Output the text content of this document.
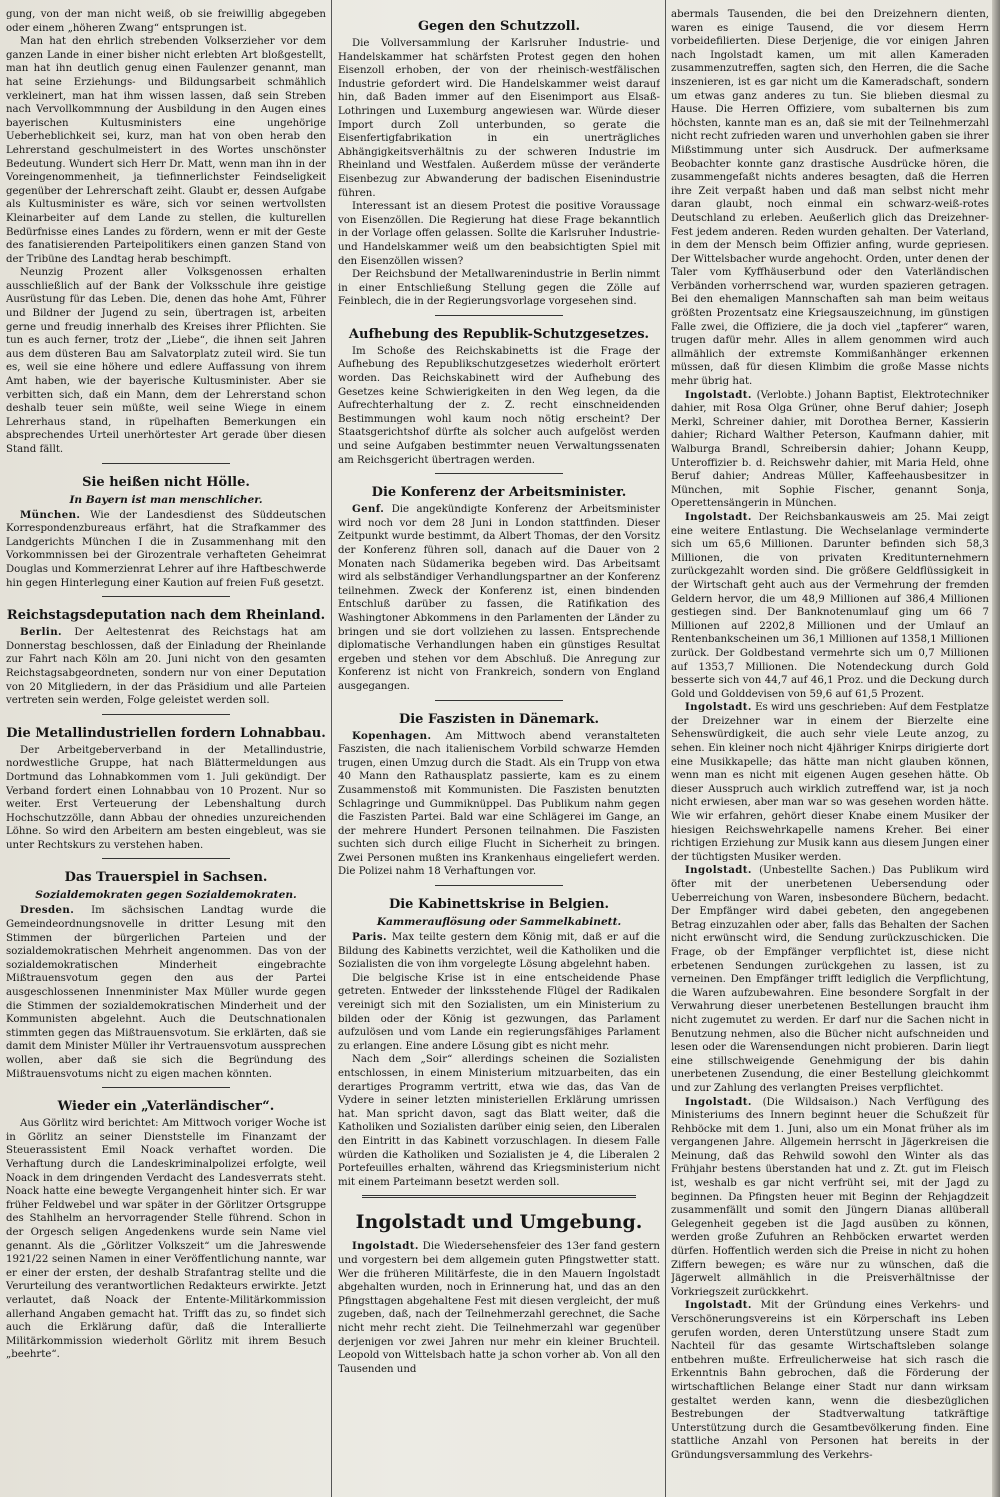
gung, von der man nicht weiß, ob sie freiwillig abgegeben oder einem „höheren Zwang“ entsprungen ist.

Man hat den ehrlich strebenden Volkserzieher vor dem ganzen Lande in einer bisher nicht erlebten Art bloßgestellt, man hat ihn deutlich genug einen Faulenzer genannt, man hat seine Erziehungs- und Bildungsarbeit schmählich verkleinert, man hat ihm wissen lassen, daß sein Streben nach Vervollkommnung der Ausbildung in den Augen eines bayerischen Kultusministers eine ungehörige Ueberheblichkeit sei, kurz, man hat von oben herab den Lehrerstand geschulmeistert in des Wortes unschönster Bedeutung. Wundert sich Herr Dr. Matt, wenn man ihn in der Voreingenommenheit, ja tiefinnerlichster Feindseligkeit gegenüber der Lehrerschaft zeiht. Glaubt er, dessen Aufgabe als Kultusminister es wäre, sich vor seinen wertvollsten Kleinarbeiter auf dem Lande zu stellen, die kulturellen Bedürfnisse eines Landes zu fördern, wenn er mit der Geste des fanatisierenden Parteipolitikers einen ganzen Stand von der Tribüne des Landtag herab beschimpft.

Neunzig Prozent aller Volksgenossen erhalten ausschließlich auf der Bank der Volksschule ihre geistige Ausrüstung für das Leben. Die, denen das hohe Amt, Führer und Bildner der Jugend zu sein, übertragen ist, arbeiten gerne und freudig innerhalb des Kreises ihrer Pflichten. Sie tun es auch ferner, trotz der „Liebe“, die ihnen seit Jahren aus dem düsteren Bau am Salvatorplatz zuteil wird. Sie tun es, weil sie eine höhere und edlere Auffassung von ihrem Amt haben, wie der bayerische Kultusminister. Aber sie verbitten sich, daß ein Mann, dem der Lehrerstand schon deshalb teuer sein müßte, weil seine Wiege in einem Lehrerhaus stand, in rüpelhaften Bemerkungen ein absprechendes Urteil unerhörtester Art gerade über diesen Stand fällt.

Sie heißen nicht Hölle.
In Bayern ist man menschlicher.

München. Wie der Landesdienst des Süddeutschen Korrespondenzbureaus erfährt, hat die Strafkammer des Landgerichts München I die in Zusammenhang mit den Vorkommnissen bei der Girozentrale verhafteten Geheimrat Douglas und Kommerzienrat Lehrer auf ihre Haftbeschwerde hin gegen Hinterlegung einer Kaution auf freien Fuß gesetzt.

Reichstagsdeputation nach dem Rheinland.

Berlin. Der Aeltestenrat des Reichstags hat am Donnerstag beschlossen, daß der Einladung der Rheinlande zur Fahrt nach Köln am 20. Juni nicht von den gesamten Reichstagsabgeordneten, sondern nur von einer Deputation von 20 Mitgliedern, in der das Präsidium und alle Parteien vertreten sein werden, Folge geleistet werden soll.

Die Metallindustriellen fordern Lohnabbau.

Der Arbeitgeberverband in der Metallindustrie, nordwestliche Gruppe, hat nach Blättermeldungen aus Dortmund das Lohnabkommen vom 1. Juli gekündigt. Der Verband fordert einen Lohnabbau von 10 Prozent. Nur so weiter. Erst Verteuerung der Lebenshaltung durch Hochschutzzölle, dann Abbau der ohnedies unzureichenden Löhne. So wird den Arbeitern am besten eingebleut, was sie unter Rechtskurs zu verstehen haben.

Das Trauerspiel in Sachsen.
Sozialdemokraten gegen Sozialdemokraten.

Dresden. Im sächsischen Landtag wurde die Gemeindeordnungsnovelle in dritter Lesung mit den Stimmen der bürgerlichen Parteien und der sozialdemokratischen Mehrheit angenommen. Das von der sozialdemokratischen Minderheit eingebrachte Mißtrauensvotum gegen den aus der Partei ausgeschlossenen Innenminister Max Müller wurde gegen die Stimmen der sozialdemokratischen Minderheit und der Kommunisten abgelehnt. Auch die Deutschnationalen stimmten gegen das Mißtrauensvotum. Sie erklärten, daß sie damit dem Minister Müller ihr Vertrauensvotum aussprechen wollen, aber daß sie sich die Begründung des Mißtrauensvotums nicht zu eigen machen könnten.

Wieder ein „Vaterländischer“.

Aus Görlitz wird berichtet: Am Mittwoch voriger Woche ist in Görlitz an seiner Dienststelle im Finanzamt der Steuerassistent Emil Noack verhaftet worden. Die Verhaftung durch die Landeskriminalpolizei erfolgte, weil Noack in dem dringenden Verdacht des Landesverrats steht. Noack hatte eine bewegte Vergangenheit hinter sich. Er war früher Feldwebel und war später in der Görlitzer Ortsgruppe des Stahlhelm an hervorragender Stelle führend. Schon in der Orgesch seligen Angedenkens wurde sein Name viel genannt. Als die „Görlitzer Volkszeit“ um die Jahreswende 1921/22 seinen Namen in einer Veröffentlichung nannte, war er einer der ersten, der deshalb Strafantrag stellte und die Verurteilung des verantwortlichen Redakteurs erwirkte. Jetzt verlautet, daß Noack der Entente-Militärkommission allerhand Angaben gemacht hat. Trifft das zu, so findet sich auch die Erklärung dafür, daß die Interallierte Militärkommission wiederholt Görlitz mit ihrem Besuch „beehrte“.

Gegen den Schutzzoll.

Die Vollversammlung der Karlsruher Industrie- und Handelskammer hat schärfsten Protest gegen den hohen Eisenzoll erhoben, der von der rheinisch-westfälischen Industrie gefordert wird. Die Handelskammer weist darauf hin, daß Baden immer auf den Eisenimport aus Elsaß-Lothringen und Luxemburg angewiesen war. Würde dieser Import durch Zoll unterbunden, so gerate die Eisenfertigfabrikation in ein unerträgliches Abhängigkeitsverhältnis zu der schweren Industrie im Rheinland und Westfalen. Außerdem müsse der veränderte Eisenbezug zur Abwanderung der badischen Eisenindustrie führen.

Interessant ist an diesem Protest die positive Voraussage von Eisenzöllen. Die Regierung hat diese Frage bekanntlich in der Vorlage offen gelassen. Sollte die Karlsruher Industrie- und Handelskammer weiß um den beabsichtigten Spiel mit den Eisenzöllen wissen?

Der Reichsbund der Metallwarenindustrie in Berlin nimmt in einer Entschließung Stellung gegen die Zölle auf Feinblech, die in der Regierungsvorlage vorgesehen sind.

Aufhebung des Republik-Schutzgesetzes.

Im Schoße des Reichskabinetts ist die Frage der Aufhebung des Republikschutzgesetzes wiederholt erörtert worden. Das Reichskabinett wird der Aufhebung des Gesetzes keine Schwierigkeiten in den Weg legen, da die Aufrechterhaltung der z. Z. recht einschneidenden Bestimmungen wohl kaum noch nötig erscheint? Der Staatsgerichtshof dürfte als solcher auch aufgelöst werden und seine Aufgaben bestimmter neuen Verwaltungssenaten am Reichsgericht übertragen werden.

Die Konferenz der Arbeitsminister.

Genf. Die angekündigte Konferenz der Arbeitsminister wird noch vor dem 28 Juni in London stattfinden. Dieser Zeitpunkt wurde bestimmt, da Albert Thomas, der den Vorsitz der Konferenz führen soll, danach auf die Dauer von 2 Monaten nach Südamerika begeben wird. Das Arbeitsamt wird als selbständiger Verhandlungspartner an der Konferenz teilnehmen. Zweck der Konferenz ist, einen bindenden Entschluß darüber zu fassen, die Ratifikation des Washingtoner Abkommens in den Parlamenten der Länder zu bringen und sie dort vollziehen zu lassen. Entsprechende diplomatische Verhandlungen haben ein günstiges Resultat ergeben und stehen vor dem Abschluß. Die Anregung zur Konferenz ist nicht von Frankreich, sondern von England ausgegangen.

Die Faszisten in Dänemark.

Kopenhagen. Am Mittwoch abend veranstalteten Faszisten, die nach italienischem Vorbild schwarze Hemden trugen, einen Umzug durch die Stadt. Als ein Trupp von etwa 40 Mann den Rathausplatz passierte, kam es zu einem Zusammenstoß mit Kommunisten. Die Faszisten benutzten Schlagringe und Gummiknüppel. Das Publikum nahm gegen die Faszisten Partei. Bald war eine Schlägerei im Gange, an der mehrere Hundert Personen teilnahmen. Die Faszisten suchten sich durch eilige Flucht in Sicherheit zu bringen. Zwei Personen mußten ins Krankenhaus eingeliefert werden. Die Polizei nahm 18 Verhaftungen vor.

Die Kabinettskrise in Belgien.
Kammerauflösung oder Sammelkabinett.

Paris. Max teilte gestern dem König mit, daß er auf die Bildung des Kabinetts verzichtet, weil die Katholiken und die Sozialisten die von ihm vorgelegte Lösung abgelehnt haben.

Die belgische Krise ist in eine entscheidende Phase getreten. Entweder der linksstehende Flügel der Radikalen vereinigt sich mit den Sozialisten, um ein Ministerium zu bilden oder der König ist gezwungen, das Parlament aufzulösen und vom Lande ein regierungsfähiges Parlament zu erlangen. Eine andere Lösung gibt es nicht mehr.

Nach dem „Soir“ allerdings scheinen die Sozialisten entschlossen, in einem Ministerium mitzuarbeiten, das ein derartiges Programm vertritt, etwa wie das, das Van de Vydere in seiner letzten ministeriellen Erklärung umrissen hat. Man spricht davon, sagt das Blatt weiter, daß die Katholiken und Sozialisten darüber einig seien, den Liberalen den Eintritt in das Kabinett vorzuschlagen. In diesem Falle würden die Katholiken und Sozialisten je 4, die Liberalen 2 Portefeuilles erhalten, während das Kriegsministerium nicht mit einem Parteimann besetzt werden soll.

Ingolstadt und Umgebung.

Ingolstadt. Die Wiedersehensfeier des 13er fand gestern und vorgestern bei dem allgemein guten Pfingstwetter statt. Wer die früheren Militärfeste, die in den Mauern Ingolstadt abgehalten wurden, noch in Erinnerung hat, und das an den Pfingsttagen abgehaltene Fest mit diesen vergleicht, der muß zugeben, daß, nach der Teilnehmerzahl gerechnet, die Sache nicht mehr recht zieht. Die Teilnehmerzahl war gegenüber derjenigen vor zwei Jahren nur mehr ein kleiner Bruchteil. Leopold von Wittelsbach hatte ja schon vorher ab. Von all den Tausenden und

abermals Tausenden, die bei den Dreizehnern dienten, waren es einige Tausend, die vor diesem Herrn vorbeidefilierten. Diese Derjenige, die vor einigen Jahren nach Ingolstadt kamen, um mit allen Kameraden zusammenzutreffen, sagten sich, den Herren, die die Sache inszenieren, ist es gar nicht um die Kameradschaft, sondern um etwas ganz anderes zu tun. Sie blieben diesmal zu Hause. Die Herren Offiziere, vom subalternen bis zum höchsten, kannte man es an, daß sie mit der Teilnehmerzahl nicht recht zufrieden waren und unverhohlen gaben sie ihrer Mißstimmung unter sich Ausdruck. Der aufmerksame Beobachter konnte ganz drastische Ausdrücke hören, die zusammengefaßt nichts anderes besagten, daß die Herren ihre Zeit verpaßt haben und daß man selbst nicht mehr daran glaubt, noch einmal ein schwarz-weiß-rotes Deutschland zu erleben. Aeußerlich glich das Dreizehner-Fest jedem anderen. Reden wurden gehalten. Der Vaterland, in dem der Mensch beim Offizier anfing, wurde gepriesen. Der Wittelsbacher wurde angehocht. Orden, unter denen der Taler vom Kyffhäuserbund oder den Vaterländischen Verbänden vorherrschend war, wurden spazieren getragen. Bei den ehemaligen Mannschaften sah man beim weitaus größten Prozentsatz eine Kriegsauszeichnung, im günstigen Falle zwei, die Offiziere, die ja doch viel „tapferer“ waren, trugen dafür mehr. Alles in allem genommen wird auch allmählich der extremste Kommißanhänger erkennen müssen, daß für diesen Klimbim die große Masse nichts mehr übrig hat.

Ingolstadt. (Verlobte.) Johann Baptist, Elektrotechniker dahier, mit Rosa Olga Grüner, ohne Beruf dahier; Joseph Merkl, Schreiner dahier, mit Dorothea Berner, Kassierin dahier; Richard Walther Peterson, Kaufmann dahier, mit Walburga Brandl, Schreibersin dahier; Johann Keupp, Unteroffizier b. d. Reichswehr dahier, mit Maria Held, ohne Beruf dahier; Andreas Müller, Kaffeehausbesitzer in München, mit Sophie Fischer, genannt Sonja, Operettensängerin in München.

Ingolstadt. Der Reichsbankausweis am 25. Mai zeigt eine weitere Entlastung. Die Wechselanlage verminderte sich um 65,6 Millionen. Darunter befinden sich 58,3 Millionen, die von privaten Kreditunternehmern zurückgezahlt worden sind. Die größere Geldflüssigkeit in der Wirtschaft geht auch aus der Vermehrung der fremden Geldern hervor, die um 48,9 Millionen auf 386,4 Millionen gestiegen sind. Der Banknotenumlauf ging um 66 7 Millionen auf 2202,8 Millionen und der Umlauf an Rentenbankscheinen um 36,1 Millionen auf 1358,1 Millionen zurück. Der Goldbestand vermehrte sich um 0,7 Millionen auf 1353,7 Millionen. Die Notendeckung durch Gold besserte sich von 44,7 auf 46,1 Proz. und die Deckung durch Gold und Golddevisen von 59,6 auf 61,5 Prozent.

Ingolstadt. Es wird uns geschrieben: Auf dem Festplatze der Dreizehner war in einem der Bierzelte eine Sehenswürdigkeit, die auch sehr viele Leute anzog, zu sehen. Ein kleiner noch nicht 4jähriger Knirps dirigierte dort eine Musikkapelle; das hätte man nicht glauben können, wenn man es nicht mit eigenen Augen gesehen hätte. Ob dieser Ausspruch auch wirklich zutreffend war, ist ja noch nicht erwiesen, aber man war so was gesehen worden hätte. Wie wir erfahren, gehört dieser Knabe einem Musiker der hiesigen Reichswehrkapelle namens Kreher. Bei einer richtigen Erziehung zur Musik kann aus diesem Jungen einer der tüchtigsten Musiker werden.

Ingolstadt. (Unbestellte Sachen.) Das Publikum wird öfter mit der unerbetenen Uebersendung oder Ueberreichung von Waren, insbesondere Büchern, bedacht. Der Empfänger wird dabei gebeten, den angegebenen Betrag einzuzahlen oder aber, falls das Behalten der Sachen nicht erwünscht wird, die Sendung zurückzuschicken. Die Frage, ob der Empfänger verpflichtet ist, diese nicht erbetenen Sendungen zurückgehen zu lassen, ist zu verneinen. Den Empfänger trifft lediglich die Verpflichtung, die Waren aufzubewahren. Eine besondere Sorgfalt in der Verwahrung dieser unerbetenen Bestellungen braucht ihm nicht zugemutet zu werden. Er darf nur die Sachen nicht in Benutzung nehmen, also die Bücher nicht aufschneiden und lesen oder die Warensendungen nicht probieren. Darin liegt eine stillschweigende Genehmigung der bis dahin unerbetenen Zusendung, die einer Bestellung gleichkommt und zur Zahlung des verlangten Preises verpflichtet.

Ingolstadt. (Die Wildsaison.) Nach Verfügung des Ministeriums des Innern beginnt heuer die Schußzeit für Rehböcke mit dem 1. Juni, also um ein Monat früher als im vergangenen Jahre. Allgemein herrscht in Jägerkreisen die Meinung, daß das Rehwild sowohl den Winter als das Frühjahr bestens überstanden hat und z. Zt. gut im Fleisch ist, weshalb es gar nicht verfrüht sei, mit der Jagd zu beginnen. Da Pfingsten heuer mit Beginn der Rehjagdzeit zusammenfällt und somit den Jüngern Dianas allüberall Gelegenheit gegeben ist die Jagd ausüben zu können, werden große Zufuhren an Rehböcken erwartet werden dürfen. Hoffentlich werden sich die Preise in nicht zu hohen Ziffern bewegen; es wäre nur zu wünschen, daß die Jägerwelt allmählich in die Preisverhältnisse der Vorkriegszeit zurückkehrt.

Ingolstadt. Mit der Gründung eines Verkehrs- und Verschönerungsvereins ist ein Körperschaft ins Leben gerufen worden, deren Unterstützung unsere Stadt zum Nachteil für das gesamte Wirtschaftsleben solange entbehren mußte. Erfreulicherweise hat sich rasch die Erkenntnis Bahn gebrochen, daß die Förderung der wirtschaftlichen Belange einer Stadt nur dann wirksam gestaltet werden kann, wenn die diesbezüglichen Bestrebungen der Stadtverwaltung tatkräftige Unterstützung durch die Gesamtbevölkerung finden. Eine stattliche Anzahl von Personen hat bereits in der Gründungsversammlung des Verkehrs-
